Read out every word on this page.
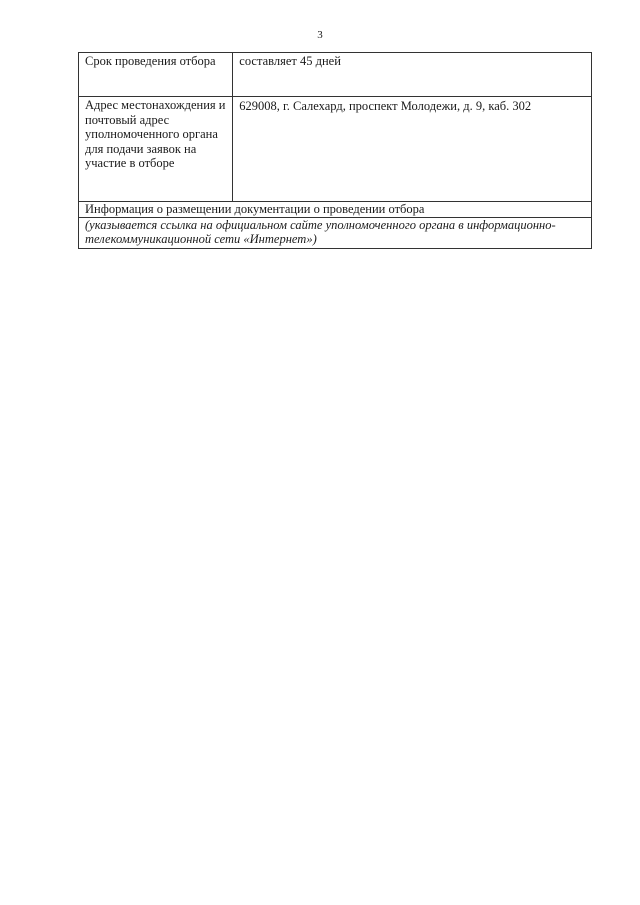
3
Срок проведения отбора	составляет 45 дней
Адрес местонахождения и почтовый адрес уполномоченного органа для подачи заявок на участие в отборе	629008, г. Салехард, проспект Молодежи, д. 9, каб. 302
Информация о размещении документации о проведении отбора	
(указывается ссылка на официальном сайте уполномоченного органа в информационно-телекоммуникационной сети «Интернет»)	
